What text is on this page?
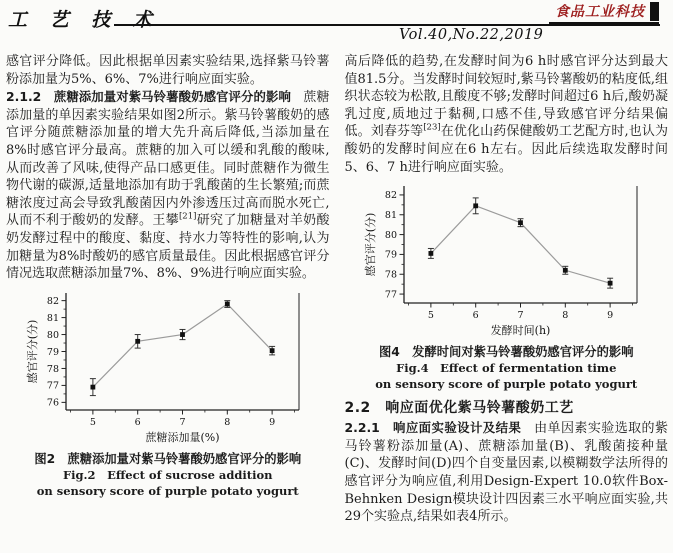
工 艺 技 术	食品工业科技
Vol.40,No.22,2019

感官评分降低。因此根据单因素实验结果,选择紫马铃薯粉添加量为5%、6%、7%进行响应面实验。

2.1.2　蔗糖添加量对紫马铃薯酸奶感官评分的影响　蔗糖添加量的单因素实验结果如图2所示。紫马铃薯酸奶的感官评分随蔗糖添加量的增大先升高后降低,当添加量在8%时感官评分最高。蔗糖的加入可以缓和乳酸的酸味,从而改善了风味,使得产品口感更佳。同时蔗糖作为微生物代谢的碳源,适量地添加有助于乳酸菌的生长繁殖;而蔗糖浓度过高会导致乳酸菌因内外渗透压过高而脱水死亡,从而不利于酸奶的发酵。王攀[21]研究了加糖量对羊奶酸奶发酵过程中的酸度、黏度、持水力等特性的影响,认为加糖量为8%时酸奶的感官质量最佳。因此根据感官评分情况选取蔗糖添加量7%、8%、9%进行响应面实验。

76
77
78
79
80
81
82
5	6	7	8	9
蔗糖添加量(%)
感官评分(分)
图2　蔗糖添加量对紫马铃薯酸奶感官评分的影响
Fig.2　Effect of sucrose addition
on sensory score of purple potato yogurt

高后降低的趋势,在发酵时间为6 h时感官评分达到最大值81.5分。当发酵时间较短时,紫马铃薯酸奶的粘度低,组织状态较为松散,且酸度不够;发酵时间超过6 h后,酸奶凝乳过度,质地过于黏稠,口感不佳,导致感官评分结果偏低。刘春芬等[23]在优化山药保健酸奶工艺配方时,也认为酸奶的发酵时间应在6 h左右。因此后续选取发酵时间5、6、7 h进行响应面实验。

77
78
79
80
81
82
5	6	7	8	9
发酵时间(h)
感官评分(分)
图4　发酵时间对紫马铃薯酸奶感官评分的影响
Fig.4　Effect of fermentation time
on sensory score of purple potato yogurt
2.2　响应面优化紫马铃薯酸奶工艺

2.2.1　响应面实验设计及结果　由单因素实验选取的紫马铃薯粉添加量(A)、蔗糖添加量(B)、乳酸菌接种量(C)、发酵时间(D)四个自变量因素,以模糊数学法所得的感官评分为响应值,利用Design-Expert 10.0软件Box-Behnken Design模块设计四因素三水平响应面实验,共29个实验点,结果如表4所示。
